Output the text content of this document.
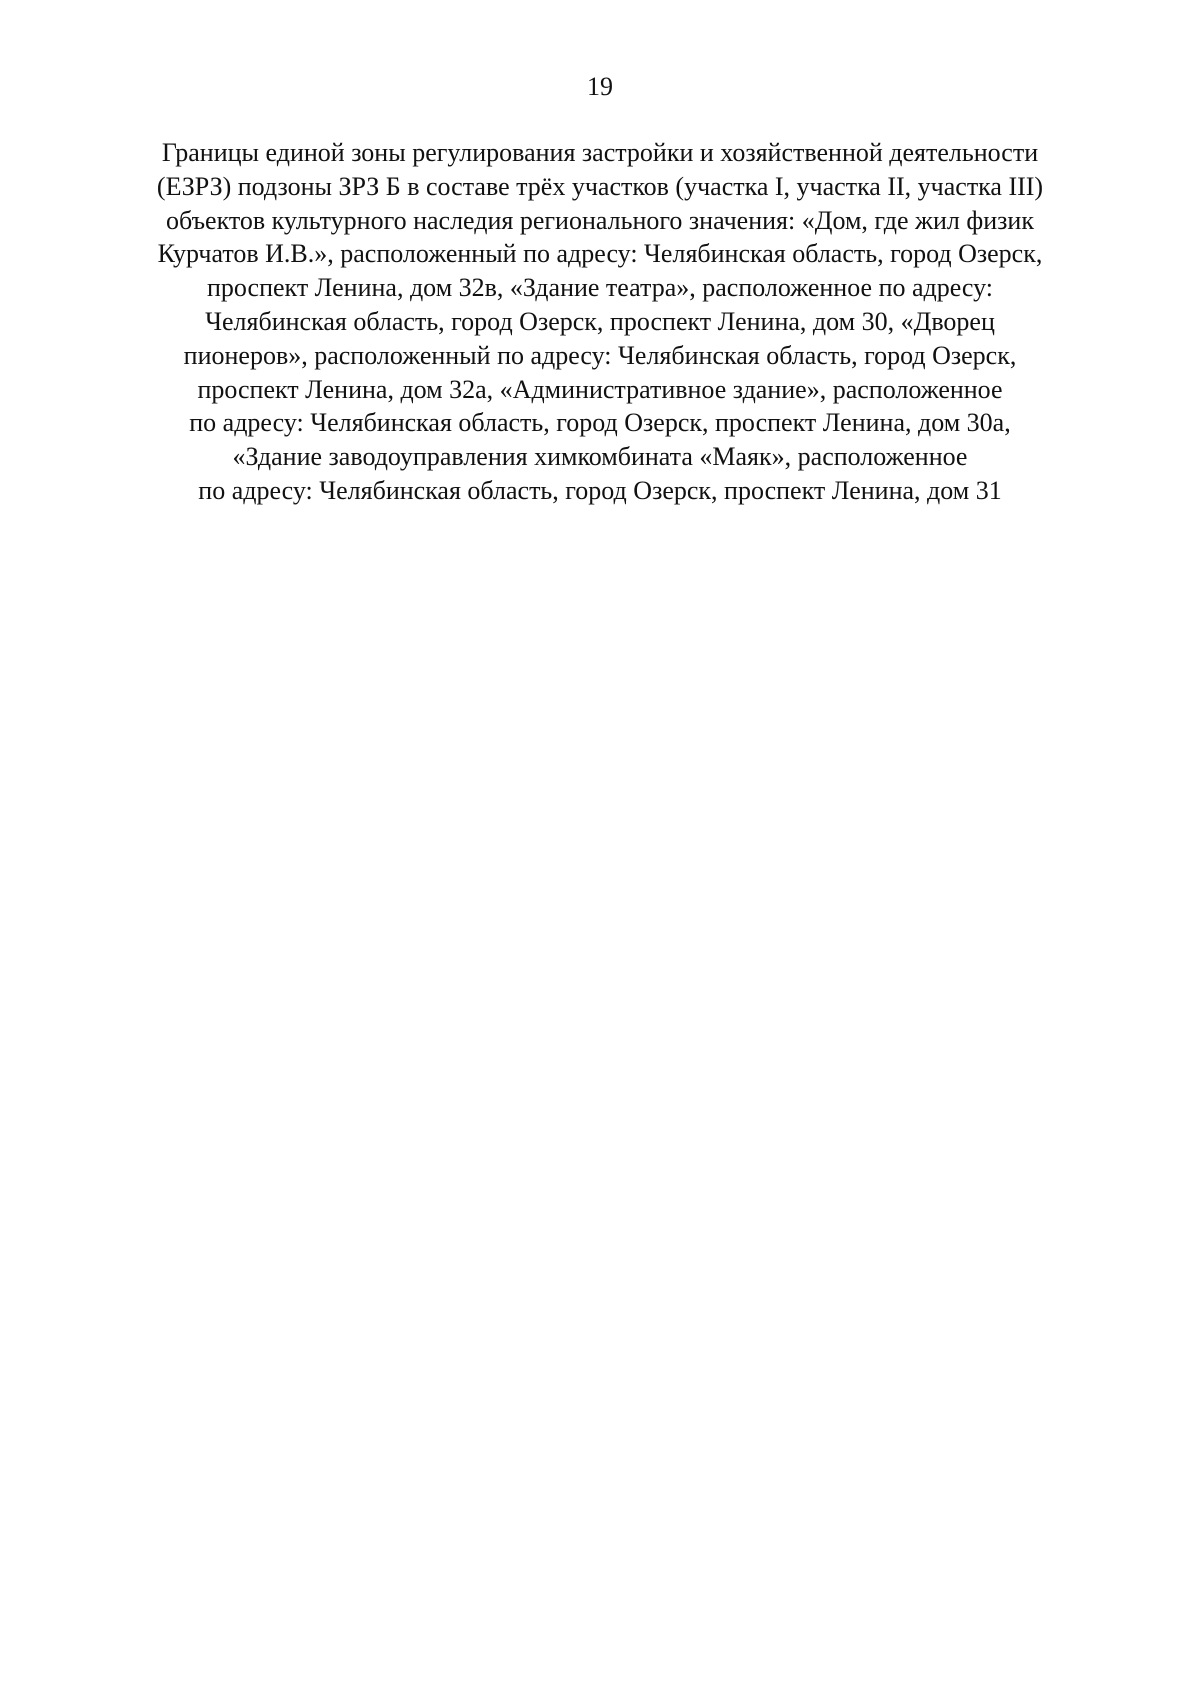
19
Границы единой зоны регулирования застройки и хозяйственной деятельности
(ЕЗРЗ) подзоны ЗРЗ Б в составе трёх участков (участка I, участка II, участка III)
объектов культурного наследия регионального значения: «Дом, где жил физик
Курчатов И.В.», расположенный по адресу: Челябинская область, город Озерск,
проспект Ленина, дом 32в, «Здание театра», расположенное по адресу:
Челябинская область, город Озерск, проспект Ленина, дом 30, «Дворец
пионеров», расположенный по адресу: Челябинская область, город Озерск,
проспект Ленина, дом 32а, «Административное здание», расположенное
по адресу: Челябинская область, город Озерск, проспект Ленина, дом 30а,
«Здание заводоуправления химкомбината «Маяк», расположенное
по адресу: Челябинская область, город Озерск, проспект Ленина, дом 31
